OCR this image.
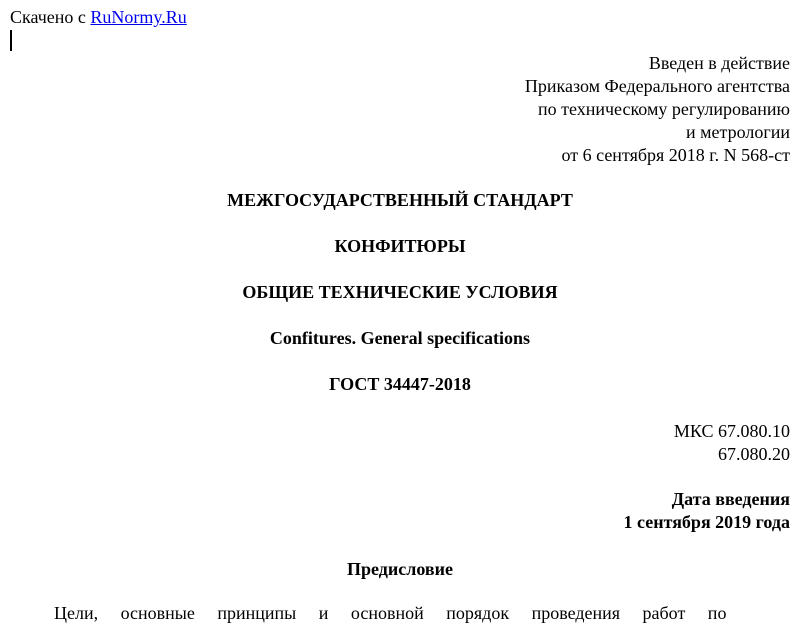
Скачено с RuNormy.Ru
Введен в действие
Приказом Федерального агентства
по техническому регулированию
и метрологии
от 6 сентября 2018 г. N 568-ст
МЕЖГОСУДАРСТВЕННЫЙ СТАНДАРТ
КОНФИТЮРЫ
ОБЩИЕ ТЕХНИЧЕСКИЕ УСЛОВИЯ
Confitures. General specifications
ГОСТ 34447-2018
МКС 67.080.10
67.080.20
Дата введения
1 сентября 2019 года
Предисловие
Цели, основные принципы и основной порядок проведения работ по
